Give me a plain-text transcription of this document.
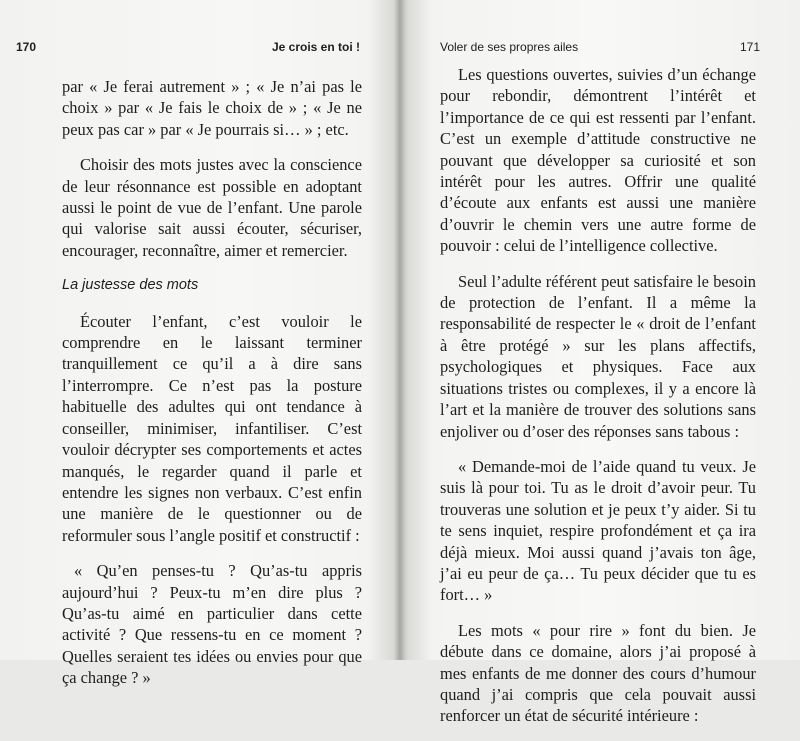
170	Je crois en toi !

par « Je ferai autrement » ; « Je n’ai pas le choix » par « Je fais le choix de » ; « Je ne peux pas car » par « Je pourrais si… » ; etc.

Choisir des mots justes avec la conscience de leur résonnance est possible en adoptant aussi le point de vue de l’enfant. Une parole qui valorise sait aussi écouter, sécuriser, encourager, reconnaître, aimer et remercier.

La justesse des mots

Écouter l’enfant, c’est vouloir le comprendre en le laissant terminer tranquillement ce qu’il a à dire sans l’interrompre. Ce n’est pas la posture habituelle des adultes qui ont tendance à conseiller, minimiser, infantiliser. C’est vouloir décrypter ses comportements et actes manqués, le regarder quand il parle et entendre les signes non verbaux. C’est enfin une manière de le questionner ou de reformuler sous l’angle positif et constructif :

« Qu’en penses-tu ? Qu’as-tu appris aujourd’hui ? Peux-tu m’en dire plus ? Qu’as-tu aimé en particulier dans cette activité ? Que ressens-tu en ce moment ? Quelles seraient tes idées ou envies pour que ça change ? »

Voler de ses propres ailes	171

Les questions ouvertes, suivies d’un échange pour rebondir, démontrent l’intérêt et l’importance de ce qui est ressenti par l’enfant. C’est un exemple d’attitude constructive ne pouvant que développer sa curiosité et son intérêt pour les autres. Offrir une qualité d’écoute aux enfants est aussi une manière d’ouvrir le chemin vers une autre forme de pouvoir : celui de l’intelligence collective.

Seul l’adulte référent peut satisfaire le besoin de protection de l’enfant. Il a même la responsabilité de respecter le « droit de l’enfant à être protégé » sur les plans affectifs, psychologiques et physiques. Face aux situations tristes ou complexes, il y a encore là l’art et la manière de trouver des solutions sans enjoliver ou d’oser des réponses sans tabous :

« Demande-moi de l’aide quand tu veux. Je suis là pour toi. Tu as le droit d’avoir peur. Tu trouveras une solution et je peux t’y aider. Si tu te sens inquiet, respire profondément et ça ira déjà mieux. Moi aussi quand j’avais ton âge, j’ai eu peur de ça… Tu peux décider que tu es fort… »

Les mots « pour rire » font du bien. Je débute dans ce domaine, alors j’ai proposé à mes enfants de me donner des cours d’humour quand j’ai compris que cela pouvait aussi renforcer un état de sécurité intérieure :
